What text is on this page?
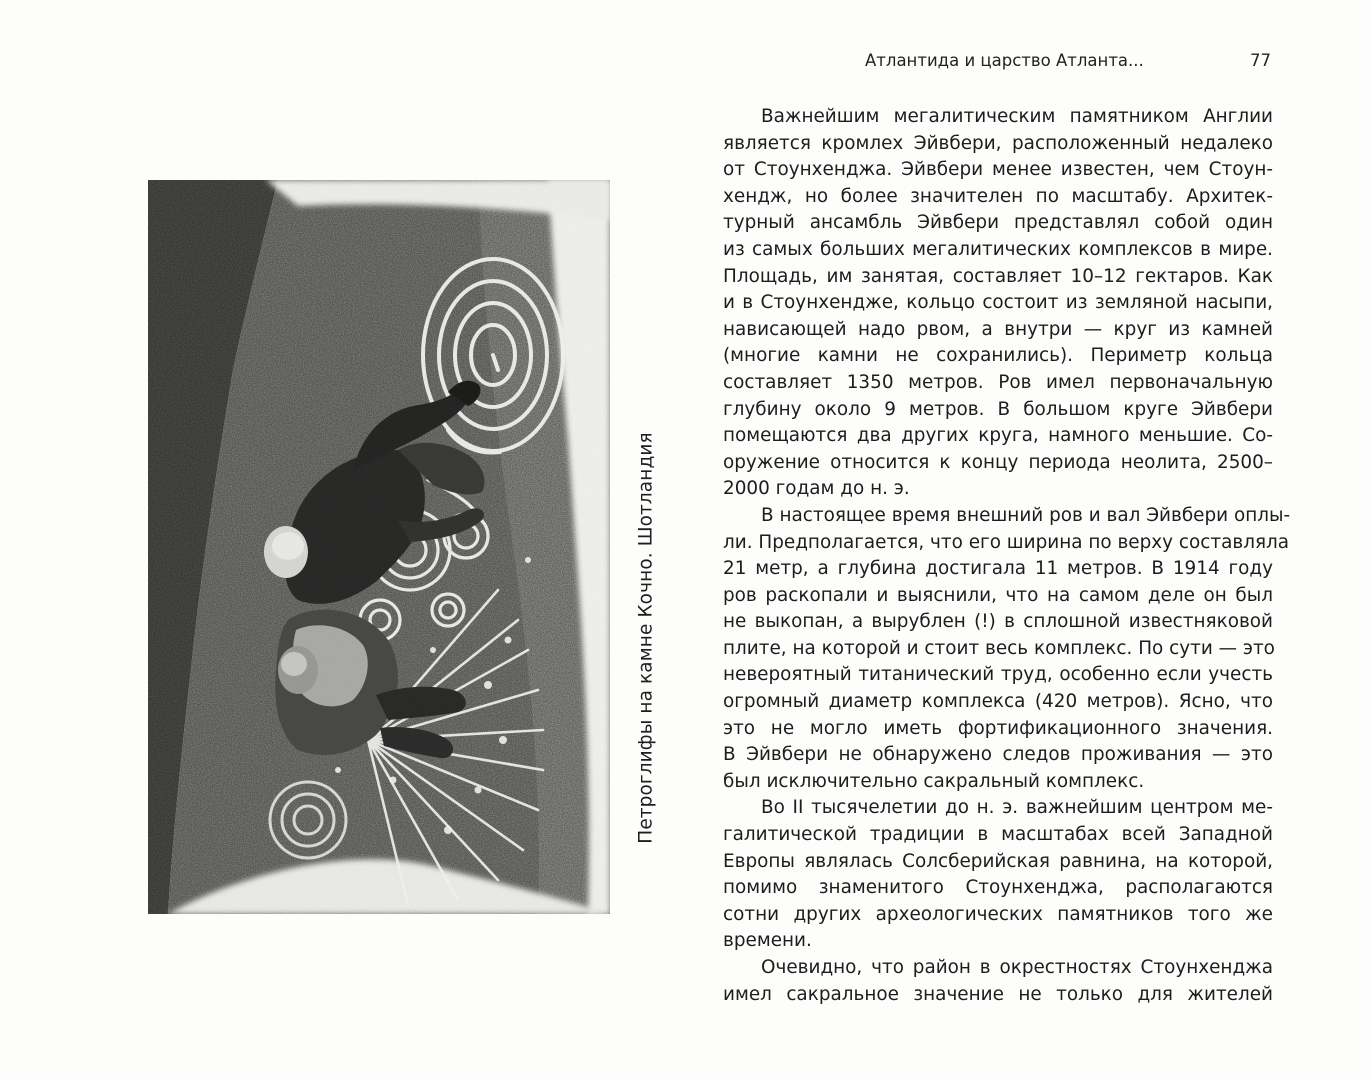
Петроглифы на камне Кочно. Шотландия
Атлантида и царство Атланта...	77
Важнейшим мегалитическим памятником Англии
является кромлех Эйвбери, расположенный недалеко
от Стоунхенджа. Эйвбери менее известен, чем Стоун-
хендж, но более значителен по масштабу. Архитек-
турный ансамбль Эйвбери представлял собой один
из самых больших мегалитических комплексов в мире.
Площадь, им занятая, составляет 10–12 гектаров. Как
и в Стоунхендже, кольцо состоит из земляной насыпи,
нависающей надо рвом, а внутри — круг из камней
(многие камни не сохранились). Периметр кольца
составляет 1350 метров. Ров имел первоначальную
глубину около 9 метров. В большом круге Эйвбери
помещаются два других круга, намного меньшие. Со-
оружение относится к концу периода неолита, 2500–
2000 годам до н. э.
В настоящее время внешний ров и вал Эйвбери оплы-
ли. Предполагается, что его ширина по верху составляла
21 метр, а глубина достигала 11 метров. В 1914 году
ров раскопали и выяснили, что на самом деле он был
не выкопан, а вырублен (!) в сплошной известняковой
плите, на которой и стоит весь комплекс. По сути — это
невероятный титанический труд, особенно если учесть
огромный диаметр комплекса (420 метров). Ясно, что
это не могло иметь фортификационного значения.
В Эйвбери не обнаружено следов проживания — это
был исключительно сакральный комплекс.
Во II тысячелетии до н. э. важнейшим центром ме-
галитической традиции в масштабах всей Западной
Европы являлась Солсберийская равнина, на которой,
помимо знаменитого Стоунхенджа, располагаются
сотни других археологических памятников того же
времени.
Очевидно, что район в окрестностях Стоунхенджа
имел сакральное значение не только для жителей
